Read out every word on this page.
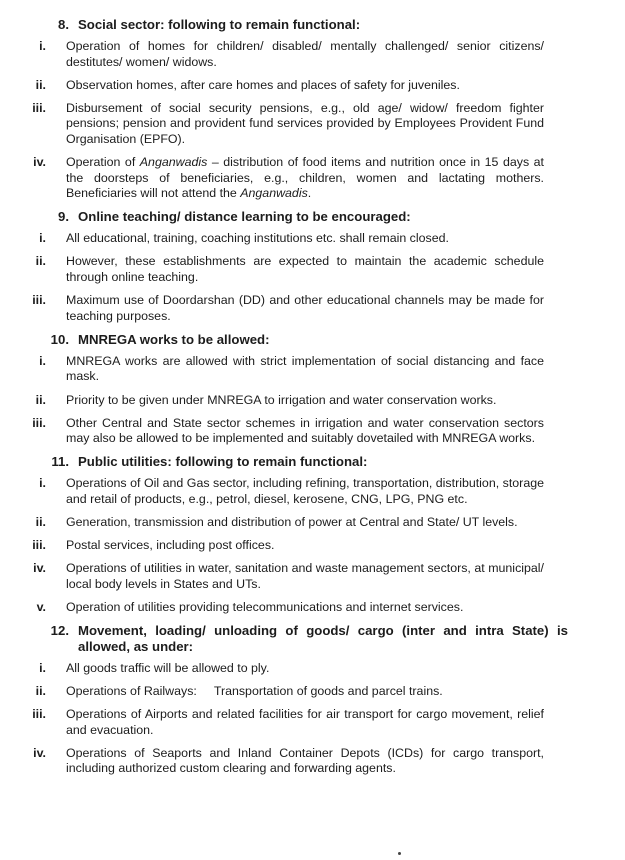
8. Social sector: following to remain functional:
i.	Operation of homes for children/ disabled/ mentally challenged/ senior citizens/ destitutes/ women/ widows.
ii.	Observation homes, after care homes and places of safety for juveniles.
iii.	Disbursement of social security pensions, e.g., old age/ widow/ freedom fighter pensions; pension and provident fund services provided by Employees Provident Fund Organisation (EPFO).
iv.	Operation of Anganwadis – distribution of food items and nutrition once in 15 days at the doorsteps of beneficiaries, e.g., children, women and lactating mothers. Beneficiaries will not attend the Anganwadis.
9. Online teaching/ distance learning to be encouraged:
i.	All educational, training, coaching institutions etc. shall remain closed.
ii.	However, these establishments are expected to maintain the academic schedule through online teaching.
iii.	Maximum use of Doordarshan (DD) and other educational channels may be made for teaching purposes.
10. MNREGA works to be allowed:
i.	MNREGA works are allowed with strict implementation of social distancing and face mask.
ii.	Priority to be given under MNREGA to irrigation and water conservation works.
iii.	Other Central and State sector schemes in irrigation and water conservation sectors may also be allowed to be implemented and suitably dovetailed with MNREGA works.
11. Public utilities: following to remain functional:
i.	Operations of Oil and Gas sector, including refining, transportation, distribution, storage and retail of products, e.g., petrol, diesel, kerosene, CNG, LPG, PNG etc.
ii.	Generation, transmission and distribution of power at Central and State/ UT levels.
iii.	Postal services, including post offices.
iv.	Operations of utilities in water, sanitation and waste management sectors, at municipal/ local body levels in States and UTs.
v.	Operation of utilities providing telecommunications and internet services.
12. Movement, loading/ unloading of goods/ cargo (inter and intra State) is allowed, as under:
i.	All goods traffic will be allowed to ply.
ii.	Operations of Railways:     Transportation of goods and parcel trains.
iii.	Operations of Airports and related facilities for air transport for cargo movement, relief and evacuation.
iv.	Operations of Seaports and Inland Container Depots (ICDs) for cargo transport, including authorized custom clearing and forwarding agents.
